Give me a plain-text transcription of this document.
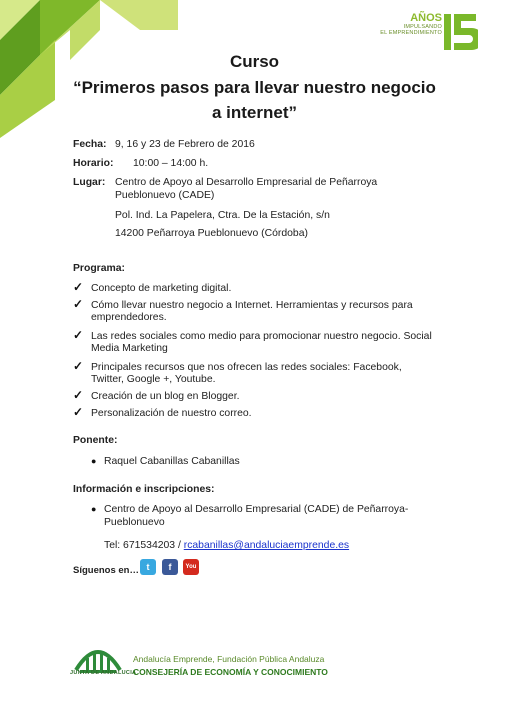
AÑOS
IMPULSANDO
EL EMPRENDIMIENTO
Curso
“Primeros pasos para llevar nuestro negocio
a internet”
Fecha: 9, 16 y 23 de Febrero de 2016
Horario: 10:00 – 14:00 h.
Lugar: Centro de Apoyo al Desarrollo Empresarial de Peñarroya
Pueblonuevo (CADE)
Pol. Ind. La Papelera, Ctra. De la Estación, s/n
14200 Peñarroya Pueblonuevo (Córdoba)
Programa:
✓ Concepto de marketing digital.
✓ Cómo llevar nuestro negocio a Internet. Herramientas y recursos para
emprendedores.
✓ Las redes sociales como medio para promocionar nuestro negocio. Social
Media Marketing
✓ Principales recursos que nos ofrecen las redes sociales: Facebook,
Twitter, Google +, Youtube.
✓ Creación de un blog en Blogger.
✓ Personalización de nuestro correo.
Ponente:
● Raquel Cabanillas Cabanillas
Información e inscripciones:
● Centro de Apoyo al Desarrollo Empresarial (CADE) de Peñarroya-
Pueblonuevo
Tel: 671534203 / rcabanillas@andaluciaemprende.es
Síguenos en… t	f	You
JUNTA DE ANDALUCIA
Andalucía Emprende, Fundación Pública Andaluza
CONSEJERÍA DE ECONOMÍA Y CONOCIMIENTO
